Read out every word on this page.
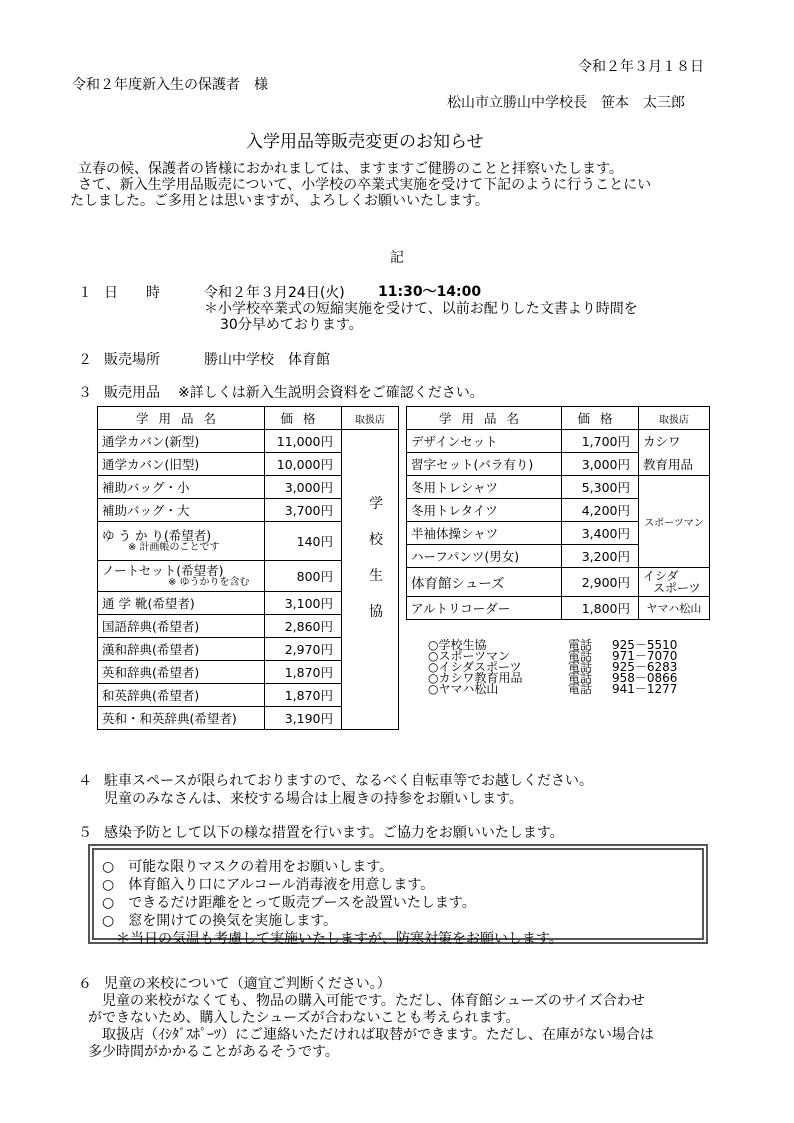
令和２年３月１８日
令和２年度新入生の保護者　様
松山市立勝山中学校長　笹本　太三郎
入学用品等販売変更のお知らせ
立春の候、保護者の皆様におかれましては、ますますご健勝のことと拝察いたします。
さて、新入生学用品販売について、小学校の卒業式実施を受けて下記のように行うことにい
たしました。ご多用とは思いますが、よろしくお願いいたします。
記
１ 日　　時	令和２年３月24日(火) 11:30～14:00
＊小学校卒業式の短縮実施を受けて、以前お配りした文書より時間を
30分早めております。
２ 販売場所	勝山中学校　体育館
３ 販売用品 ※詳しくは新入生説明会資料をご確認ください。
学用品名	価格	取扱店
通学カバン(新型)	11,000円	
通学カバン(旧型)	10,000円	
補助バッグ・小	3,000円	
補助バッグ・大	3,700円	

ゆ う か り(希望者)
※ 計画帳のことです	140円	

ノートセット(希望者)
※ ゆうかりを含む	800円	
通 学 靴(希望者)	3,100円	
国語辞典(希望者)	2,860円	
漢和辞典(希望者)	2,970円	
英和辞典(希望者)	1,870円	
和英辞典(希望者)	1,870円	
英和・和英辞典(希望者)	3,190円	
学
校
生
協
学用品名	価格	取扱店
デザインセット	1,700円	カシワ
習字セット(バラ有り)	3,000円	教育用品
冬用トレシャツ	5,300円	スポーツマン
冬用トレタイツ	4,200円	
半袖体操シャツ	3,400円	
ハーフパンツ(男女)	3,200円	
体育館シューズ	2,900円	イシダ
スポーツ

アルトリコーダー	1,800円	ヤマハ松山
○学校生協	電話	925－5510
○スポーツマン	電話	971－7070
○イシダスポーツ	電話	925－6283
○カシワ教育用品	電話	958－0866
○ヤマハ松山	電話	941－1277
４ 駐車スペースが限られておりますので、なるべく自転車等でお越しください。
児童のみなさんは、来校する場合は上履きの持参をお願いします。
５ 感染予防として以下の様な措置を行います。ご協力をお願いいたします。
○　可能な限りマスクの着用をお願いします。
○　体育館入り口にアルコール消毒液を用意します。
○　できるだけ距離をとって販売ブースを設置いたします。
○　窓を開けての換気を実施します。
　＊当日の気温も考慮して実施いたしますが、防寒対策をお願いします。
６ 児童の来校について（適宜ご判断ください。）
　児童の来校がなくても、物品の購入可能です。ただし、体育館シューズのサイズ合わせ
ができないため、購入したシューズが合わないことも考えられます。
　取扱店（ｲｼﾀﾞｽﾎﾟｰﾂ）にご連絡いただければ取替ができます。ただし、在庫がない場合は
多少時間がかかることがあるそうです。
